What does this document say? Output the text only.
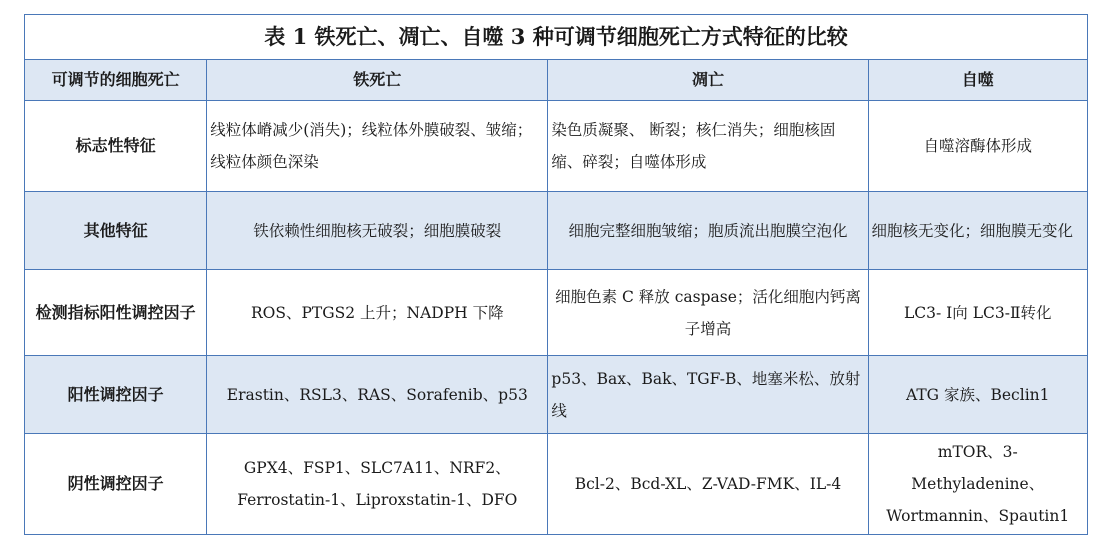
表 1 铁死亡、凋亡、自噬 3 种可调节细胞死亡方式特征的比较			
可调节的细胞死亡	铁死亡	凋亡	自噬
标志性特征	线粒体嵴减少(消失)；线粒体外膜破裂、皱缩；线粒体颜色深染	染色质凝聚、 断裂；核仁消失；细胞核固缩、碎裂；自噬体形成	自噬溶酶体形成
其他特征	铁依赖性细胞核无破裂；细胞膜破裂	细胞完整细胞皱缩；胞质流出胞膜空泡化	细胞核无变化；细胞膜无变化
检测指标阳性调控因子	ROS、PTGS2 上升；NADPH 下降	细胞色素 C 释放 caspase；活化细胞内钙离子增高	LC3- Ⅰ向 LC3-Ⅱ转化
阳性调控因子	Erastin、RSL3、RAS、Sorafenib、p53	p53、Bax、Bak、TGF-B、地塞米松、放射线	ATG 家族、Beclin1
阴性调控因子	GPX4、FSP1、SLC7A11、NRF2、Ferrostatin-1、Liproxstatin-1、DFO	Bcl-2、Bcd-XL、Z-VAD-FMK、IL-4	mTOR、3-Methyladenine、Wortmannin、Spautin1
